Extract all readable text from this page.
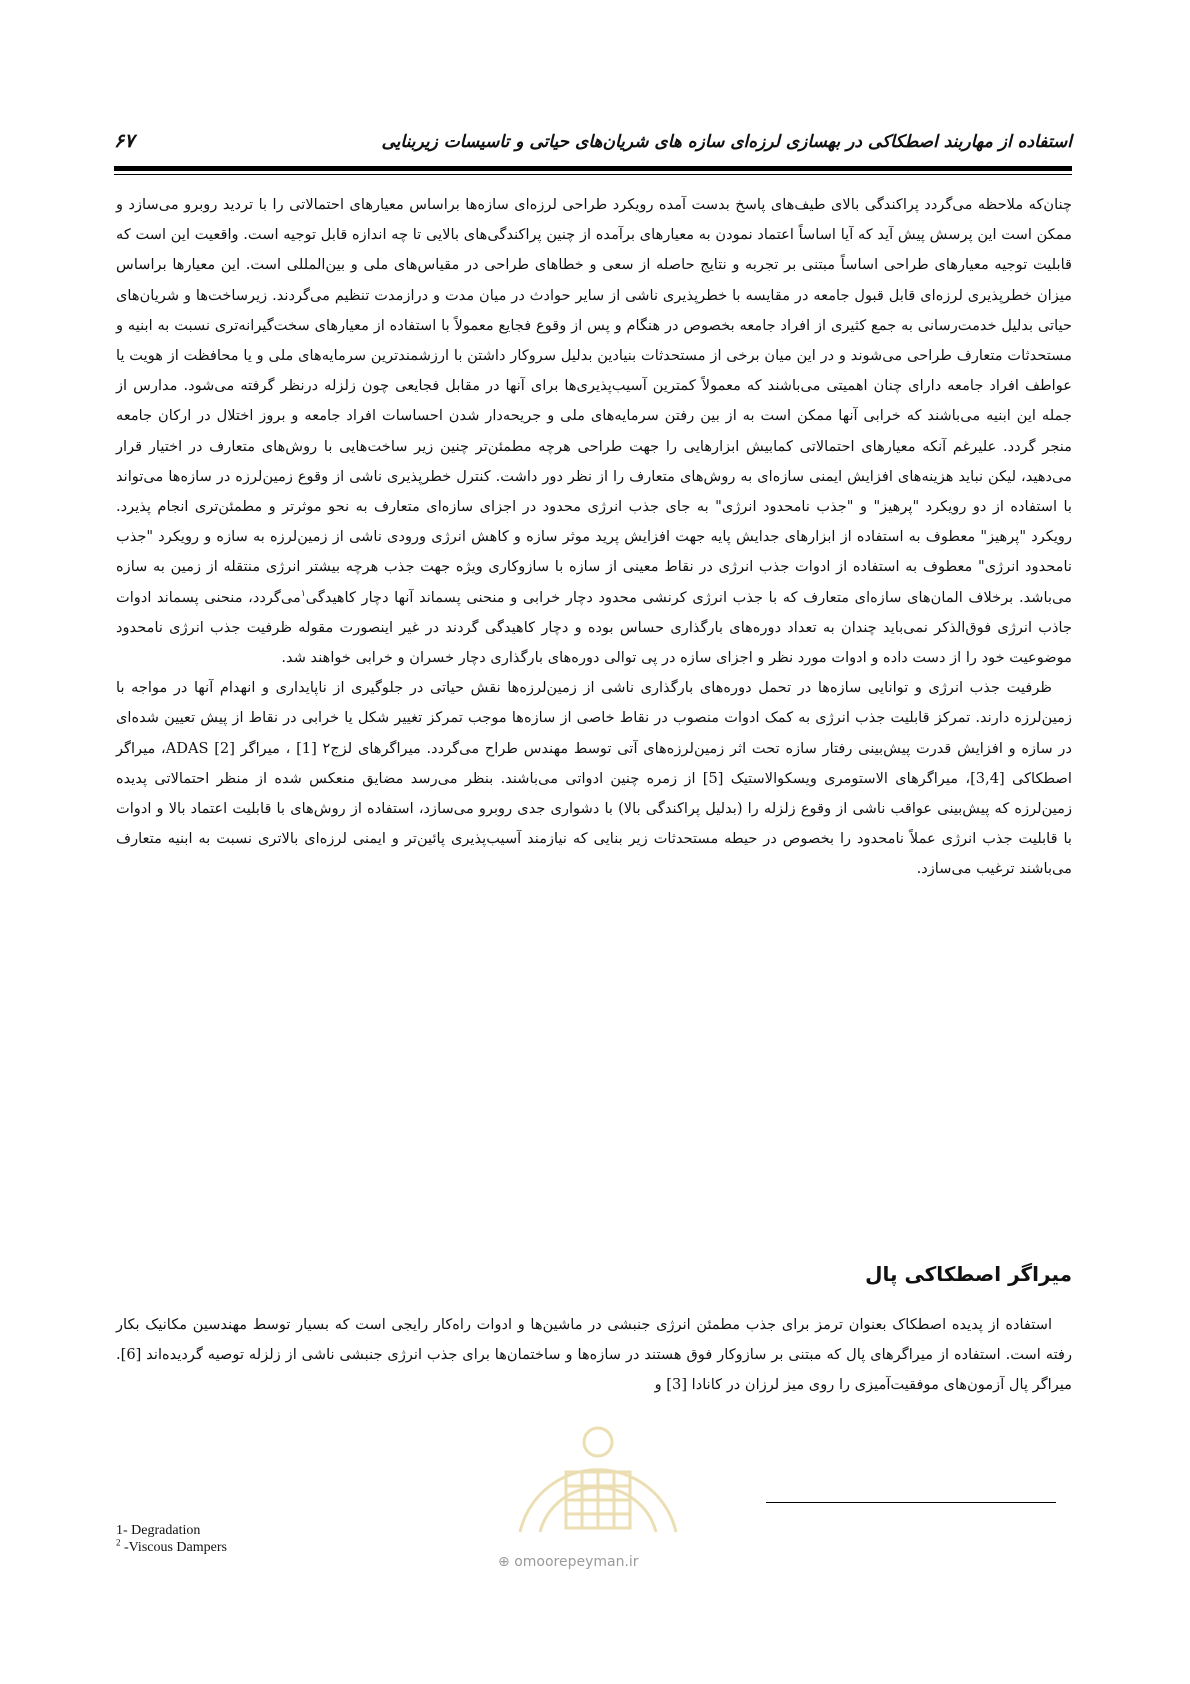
استفاده از مهاربند اصطکاکی در بهسازی لرزه‌ای سازه های شریان‌های حیاتی و تاسیسات زیربنایی
۶۷

چنان‌که ملاحظه می‌گردد پراکندگی بالای طیف‌های پاسخ بدست آمده رویکرد طراحی لرزه‌ای سازه‌ها براساس معیارهای احتمالاتی را با تردید روبرو می‌سازد و ممکن است این پرسش پیش آید که آیا اساساً اعتماد نمودن به معیارهای برآمده از چنین پراکندگی‌های بالایی تا چه اندازه قابل توجیه است. واقعیت این است که قابلیت توجیه معیارهای طراحی اساساً مبتنی بر تجربه و نتایج حاصله از سعی و خطاهای طراحی در مقیاس‌های ملی و بین‌المللی است. این معیارها براساس میزان خطرپذیری لرزه‌ای قابل قبول جامعه در مقایسه با خطرپذیری ناشی از سایر حوادث در میان مدت و درازمدت تنظیم می‌گردند. زیرساخت‌ها و شریان‌های حیاتی بدلیل خدمت‌رسانی به جمع کثیری از افراد جامعه بخصوص در هنگام و پس از وقوع فجایع معمولاً با استفاده از معیارهای سخت‌گیرانه‌تری نسبت به ابنیه و مستحدثات متعارف طراحی می‌شوند و در این میان برخی از مستحدثات بنیادین بدلیل سروکار داشتن با ارزشمندترین سرمایه‌های ملی و یا محافظت از هویت یا عواطف افراد جامعه دارای چنان اهمیتی می‌باشند که معمولاً کمترین آسیب‌پذیری‌ها برای آنها در مقابل فجایعی چون زلزله درنظر گرفته می‌شود. مدارس از جمله این ابنیه می‌باشند که خرابی آنها ممکن است به از بین رفتن سرمایه‌های ملی و جریحه‌دار شدن احساسات افراد جامعه و بروز اختلال در ارکان جامعه منجر گردد. علیرغم آنکه معیارهای احتمالاتی کمابیش ابزارهایی را جهت طراحی هرچه مطمئن‌تر چنین زیر ساخت‌هایی با روش‌های متعارف در اختیار قرار می‌دهید، لیکن نباید هزینه‌های افزایش ایمنی سازه‌ای به روش‌های متعارف را از نظر دور داشت. کنترل خطرپذیری ناشی از وقوع زمین‌لرزه در سازه‌ها می‌تواند با استفاده از دو رویکرد "پرهیز" و "جذب نامحدود انرژی" به جای جذب انرژی محدود در اجزای سازه‌ای متعارف به نحو موثرتر و مطمئن‌تری انجام پذیرد. رویکرد "پرهیز" معطوف به استفاده از ابزارهای جدایش پایه جهت افزایش پرید موثر سازه و کاهش انرژی ورودی ناشی از زمین‌لرزه به سازه و رویکرد "جذب نامحدود انرژی" معطوف به استفاده از ادوات جذب انرژی در نقاط معینی از سازه با سازوکاری ویژه جهت جذب هرچه بیشتر انرژی منتقله از زمین به سازه می‌باشد. برخلاف المان‌های سازه‌ای متعارف که با جذب انرژی کرنشی محدود دچار خرابی و منحنی پسماند آنها دچار کاهیدگی$^۱$می‌گردد، منحنی پسماند ادوات جاذب انرژی فوق‌الذکر نمی‌باید چندان به تعداد دوره‌های بارگذاری حساس بوده و دچار کاهیدگی گردند در غیر اینصورت مقوله ظرفیت جذب انرژی نامحدود موضوعیت خود را از دست داده و ادوات مورد نظر و اجزای سازه در پی توالی دوره‌های بارگذاری دچار خسران و خرابی خواهند شد.

ظرفیت جذب انرژی و توانایی سازه‌ها در تحمل دوره‌های بارگذاری ناشی از زمین‌لرزه‌ها نقش حیاتی در جلوگیری از ناپایداری و انهدام آنها در مواجه با زمین‌لرزه دارند. تمرکز قابلیت جذب انرژی به کمک ادوات منصوب در نقاط خاصی از سازه‌ها موجب تمرکز تغییر شکل یا خرابی در نقاط از پیش تعیین شده‌ای در سازه و افزایش قدرت پیش‌بینی رفتار سازه تحت اثر زمین‌لرزه‌های آتی توسط مهندس طراح می‌گردد. میراگرهای لزج۲ [1] ، میراگر ADAS [2]، میراگر اصطکاکی [3,4]، میراگرهای الاستومری ویسکوالاستیک [5] از زمره چنین ادواتی می‌باشند. بنظر می‌رسد مضایق منعکس شده از منظر احتمالاتی پدیده زمین‌لرزه که پیش‌بینی عواقب ناشی از وقوع زلزله را (بدلیل پراکندگی بالا) با دشواری جدی روبرو می‌سازد، استفاده از روش‌های با قابلیت اعتماد بالا و ادوات با قابلیت جذب انرژی عملاً نامحدود را بخصوص در حیطه مستحدثات زیر بنایی که نیازمند آسیب‌پذیری پائین‌تر و ایمنی لرزه‌ای بالاتری نسبت به ابنیه متعارف می‌باشند ترغیب می‌سازد.

میراگر اصطکاکی پال

استفاده از پدیده اصطکاک بعنوان ترمز برای جذب مطمئن انرژی جنبشی در ماشین‌ها و ادوات راه‌کار رایجی است که بسیار توسط مهندسین مکانیک بکار رفته است. استفاده از میراگرهای پال که مبتنی بر سازوکار فوق هستند در سازه‌ها و ساختمان‌ها برای جذب انرژی جنبشی ناشی از زلزله توصیه گردیده‌اند [6]. میراگر پال آزمون‌های موفقیت‌آمیزی را روی میز لرزان در کانادا [3] و

1- Degradation
$^2$ -Viscous Dampers
⊕ omoorepeyman.ir
